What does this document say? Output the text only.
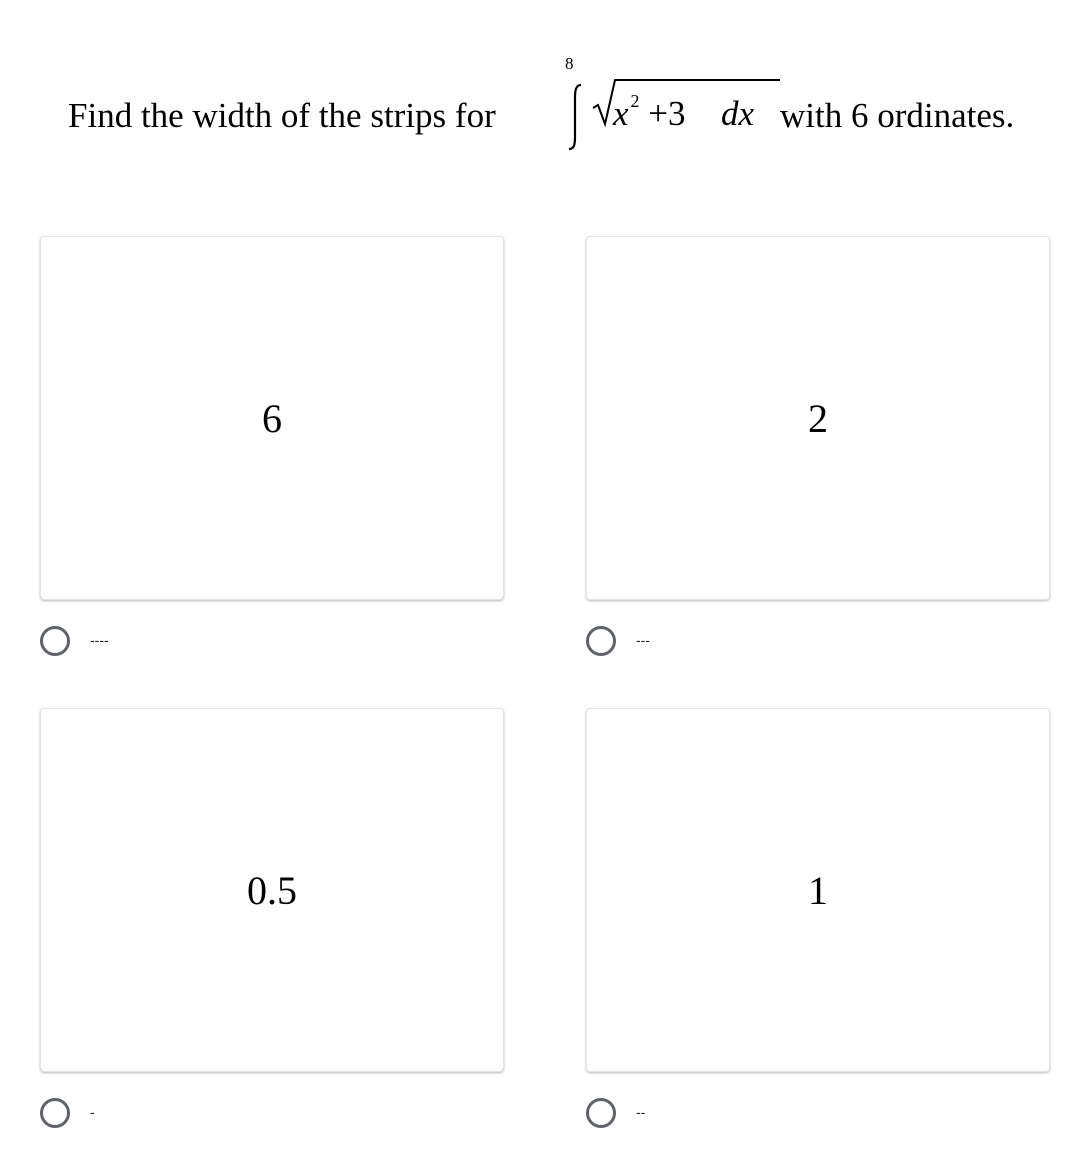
Find the width of the strips for
8
x $^2$ +3 dx with 6 ordinates.
6
----
2
---
0.5
-
1
--
